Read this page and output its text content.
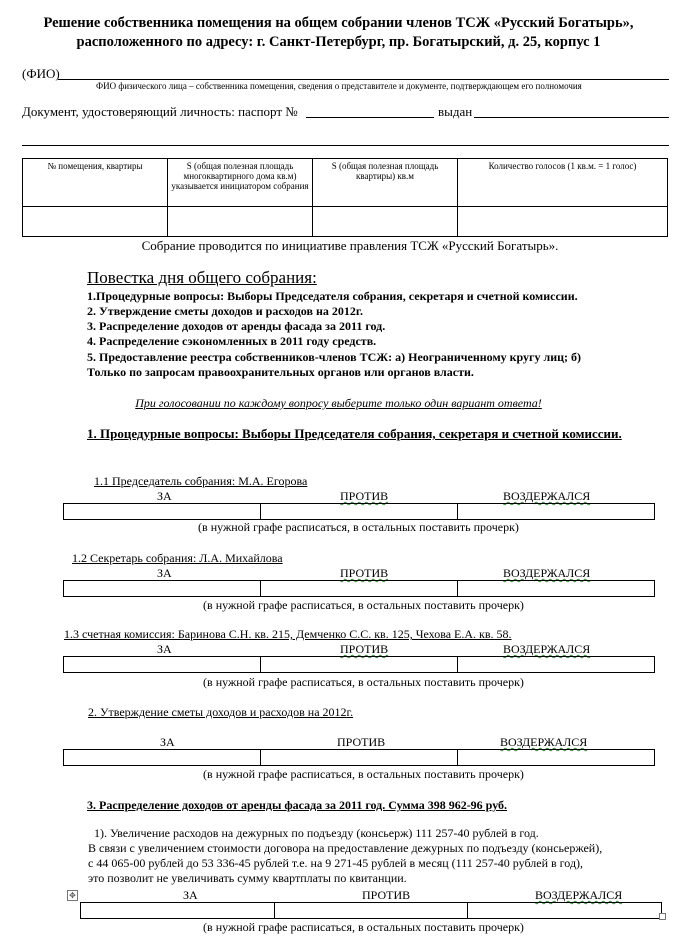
Решение собственника помещения на общем собрании членов ТСЖ «Русский Богатырь»,
расположенного по адресу: г. Санкт-Петербург, пр. Богатырский, д. 25, корпус 1
(ФИО)
ФИО физического лица – собственника помещения, сведения о представителе и документе, подтверждающем его полномочия
Документ, удостоверяющий личность: паспорт №	выдан
№ помещения, квартиры	S (общая полезная площадь многоквартирного дома кв.м) указывается инициатором собрания	S (общая полезная площадь квартиры) кв.м	Количество голосов (1 кв.м. = 1 голос)

Собрание проводится по инициативе правления ТСЖ «Русский Богатырь».
Повестка дня общего собрания:
1.Процедурные вопросы: Выборы Председателя собрания, секретаря и счетной комиссии.
2. Утверждение сметы доходов и расходов на 2012г.
3. Распределение доходов от аренды фасада за 2011 год.
4. Распределение сэкономленных в 2011 году средств.
5. Предоставление реестра собственников-членов ТСЖ: а) Неограниченному кругу лиц; б)
Только по запросам правоохранительных органов или органов власти.
При голосовании по каждому вопросу выберите только один вариант ответа!
1. Процедурные вопросы: Выборы Председателя собрания, секретаря и счетной комиссии.
1.1 Председатель собрания: М.А. Егорова
ЗА	ПРОТИВ	ВОЗДЕРЖАЛСЯ
(в нужной графе расписаться, в остальных поставить прочерк)
1.2 Секретарь собрания: Л.А. Михайлова
ЗА	ПРОТИВ	ВОЗДЕРЖАЛСЯ
(в нужной графе расписаться, в остальных поставить прочерк)
1.3 счетная комиссия: Баринова С.Н. кв. 215, Демченко С.С. кв. 125, Чехова Е.А. кв. 58.
ЗА	ПРОТИВ	ВОЗДЕРЖАЛСЯ
(в нужной графе расписаться, в остальных поставить прочерк)
2. Утверждение сметы доходов и расходов на 2012г.
ЗА	ПРОТИВ	ВОЗДЕРЖАЛСЯ
(в нужной графе расписаться, в остальных поставить прочерк)
3. Распределение доходов от аренды фасада за 2011 год. Сумма 398 962-96 руб.
1). Увеличение расходов на дежурных по подъезду (консьерж) 111 257-40 рублей в год.
В связи с увеличением стоимости договора на предоставление дежурных по подъезду (консьержей),
с 44 065-00 рублей до 53 336-45 рублей т.е. на 9 271-45 рублей в месяц (111 257-40 рублей в год),
это позволит не увеличивать сумму квартплаты по квитанции.
✥	ЗА	ПРОТИВ	ВОЗДЕРЖАЛСЯ
(в нужной графе расписаться, в остальных поставить прочерк)
